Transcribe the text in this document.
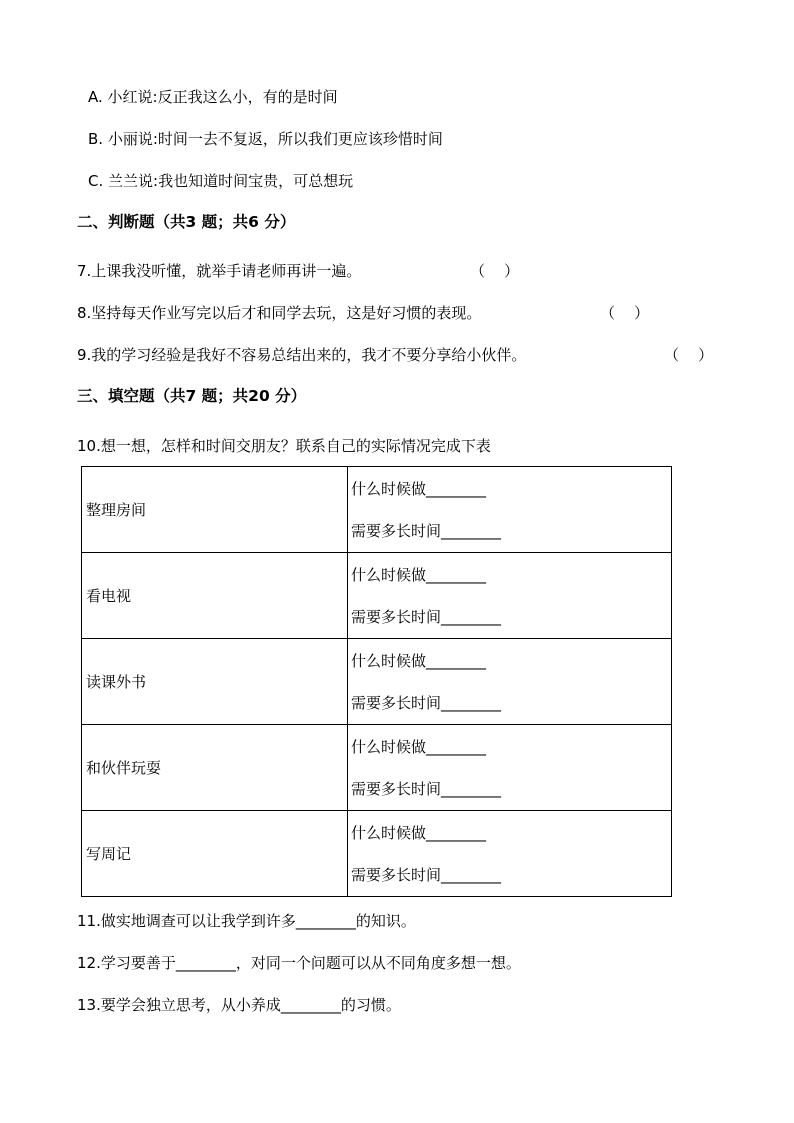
A. 小红说:反正我这么小，有的是时间
B. 小丽说:时间一去不复返，所以我们更应该珍惜时间
C. 兰兰说:我也知道时间宝贵，可总想玩
二、判断题（共3 题；共6 分）
7.上课我没听懂，就举手请老师再讲一遍。	（    ）
8.坚持每天作业写完以后才和同学去玩，这是好习惯的表现。	（    ）
9.我的学习经验是我好不容易总结出来的，我才不要分享给小伙伴。	（    ）
三、填空题（共7 题；共20 分）
10.想一想，怎样和时间交朋友？联系自己的实际情况完成下表
整理房间	什么时候做________
需要多长时间________

看电视	什么时候做________
需要多长时间________

读课外书	什么时候做________
需要多长时间________

和伙伴玩耍	什么时候做________
需要多长时间________

写周记	什么时候做________
需要多长时间________
11.做实地调查可以让我学到许多________的知识。
12.学习要善于________，对同一个问题可以从不同角度多想一想。
13.要学会独立思考，从小养成________的习惯。
